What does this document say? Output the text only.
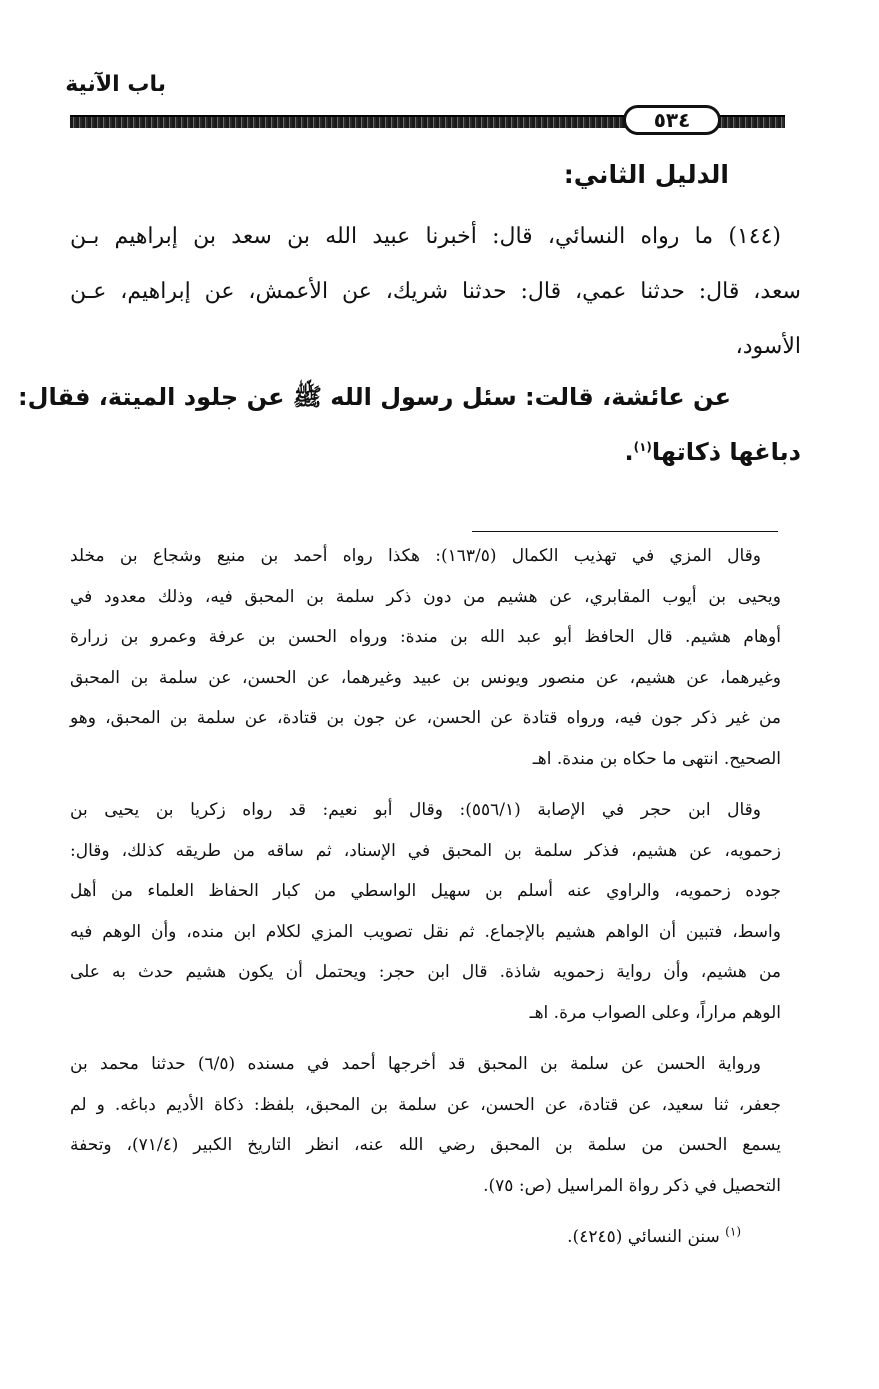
باب الآنية
٥٣٤
الدليل الثاني:
(١٤٤) ما رواه النسائي، قال: أخبرنا عبيد الله بن سعد بن إبراهيم بـن
سعد، قال: حدثنا عمي، قال: حدثنا شريك، عن الأعمش، عن إبراهيم، عـن
الأسود،
عن عائشة، قالت: سئل رسول الله ﷺ عن جلود الميتة، فقال:
دباغها ذكاتها$^{(١)}$.
وقال المزي في تهذيب الكمال (١٦٣/٥): هكذا رواه أحمد بن منيع وشجاع بن مخلد
ويحيى بن أيوب المقابري، عن هشيم من دون ذكر سلمة بن المحبق فيه، وذلك معدود في
أوهام هشيم. قال الحافظ أبو عبد الله بن مندة: ورواه الحسن بن عرفة وعمرو بن زرارة
وغيرهما، عن هشيم، عن منصور ويونس بن عبيد وغيرهما، عن الحسن، عن سلمة بن المحبق
من غير ذكر جون فيه، ورواه قتادة عن الحسن، عن جون بن قتادة، عن سلمة بن المحبق، وهو
الصحيح. انتهى ما حكاه بن مندة. اهـ
وقال ابن حجر في الإصابة (٥٥٦/١): وقال أبو نعيم: قد رواه زكريا بن يحيى بن
زحمويه، عن هشيم، فذكر سلمة بن المحبق في الإسناد، ثم ساقه من طريقه كذلك، وقال:
جوده زحمويه، والراوي عنه أسلم بن سهيل الواسطي من كبار الحفاظ العلماء من أهل
واسط، فتبين أن الواهم هشيم بالإجماع. ثم نقل تصويب المزي لكلام ابن منده، وأن الوهم فيه
من هشيم، وأن رواية زحمويه شاذة. قال ابن حجر: ويحتمل أن يكون هشيم حدث به على
الوهم مراراً، وعلى الصواب مرة. اهـ
ورواية الحسن عن سلمة بن المحبق قد أخرجها أحمد في مسنده (٦/٥) حدثنا محمد بن
جعفر، ثنا سعيد، عن قتادة، عن الحسن، عن سلمة بن المحبق، بلفظ: ذكاة الأديم دباغه. و لم
يسمع الحسن من سلمة بن المحبق رضي الله عنه، انظر التاريخ الكبير (٧١/٤)، وتحفة
التحصيل في ذكر رواة المراسيل (ص: ٧٥).
$^{(١)}$ سنن النسائي (٤٢٤٥).
